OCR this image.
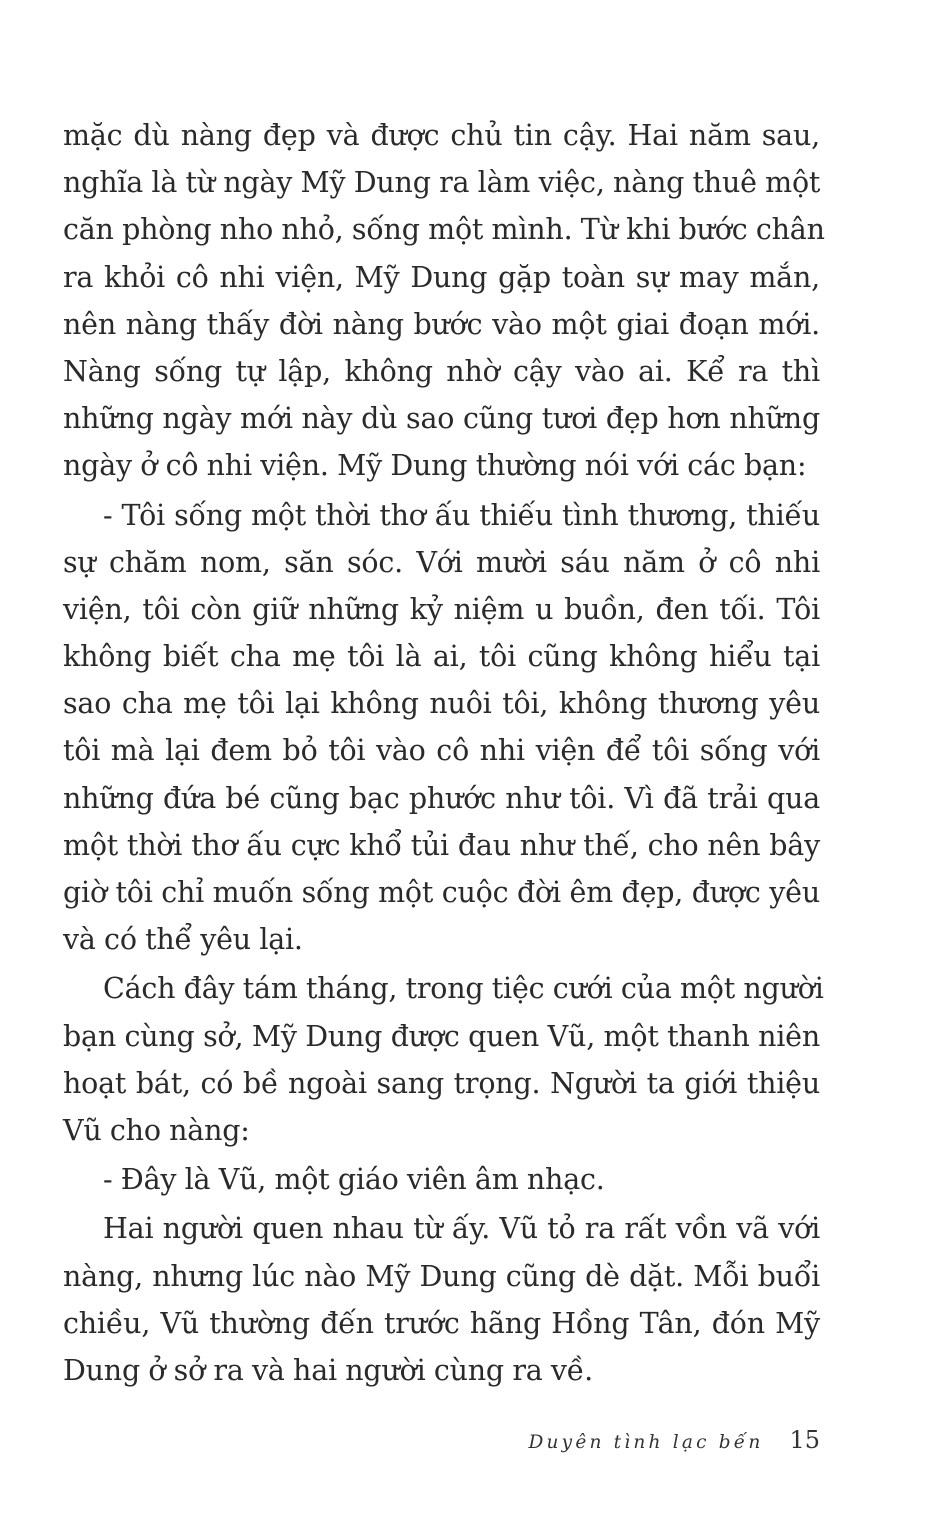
mặc dù nàng đẹp và được chủ tin cậy. Hai năm sau,
nghĩa là từ ngày Mỹ Dung ra làm việc, nàng thuê một
căn phòng nho nhỏ, sống một mình. Từ khi bước chân
ra khỏi cô nhi viện, Mỹ Dung gặp toàn sự may mắn,
nên nàng thấy đời nàng bước vào một giai đoạn mới.
Nàng sống tự lập, không nhờ cậy vào ai. Kể ra thì
những ngày mới này dù sao cũng tươi đẹp hơn những
ngày ở cô nhi viện. Mỹ Dung thường nói với các bạn:
- Tôi sống một thời thơ ấu thiếu tình thương, thiếu
sự chăm nom, săn sóc. Với mười sáu năm ở cô nhi
viện, tôi còn giữ những kỷ niệm u buồn, đen tối. Tôi
không biết cha mẹ tôi là ai, tôi cũng không hiểu tại
sao cha mẹ tôi lại không nuôi tôi, không thương yêu
tôi mà lại đem bỏ tôi vào cô nhi viện để tôi sống với
những đứa bé cũng bạc phước như tôi. Vì đã trải qua
một thời thơ ấu cực khổ tủi đau như thế, cho nên bây
giờ tôi chỉ muốn sống một cuộc đời êm đẹp, được yêu
và có thể yêu lại.
Cách đây tám tháng, trong tiệc cưới của một người
bạn cùng sở, Mỹ Dung được quen Vũ, một thanh niên
hoạt bát, có bề ngoài sang trọng. Người ta giới thiệu
Vũ cho nàng:
- Đây là Vũ, một giáo viên âm nhạc.
Hai người quen nhau từ ấy. Vũ tỏ ra rất vồn vã với
nàng, nhưng lúc nào Mỹ Dung cũng dè dặt. Mỗi buổi
chiều, Vũ thường đến trước hãng Hồng Tân, đón Mỹ
Dung ở sở ra và hai người cùng ra về.
Duyên tình lạc bến 15
